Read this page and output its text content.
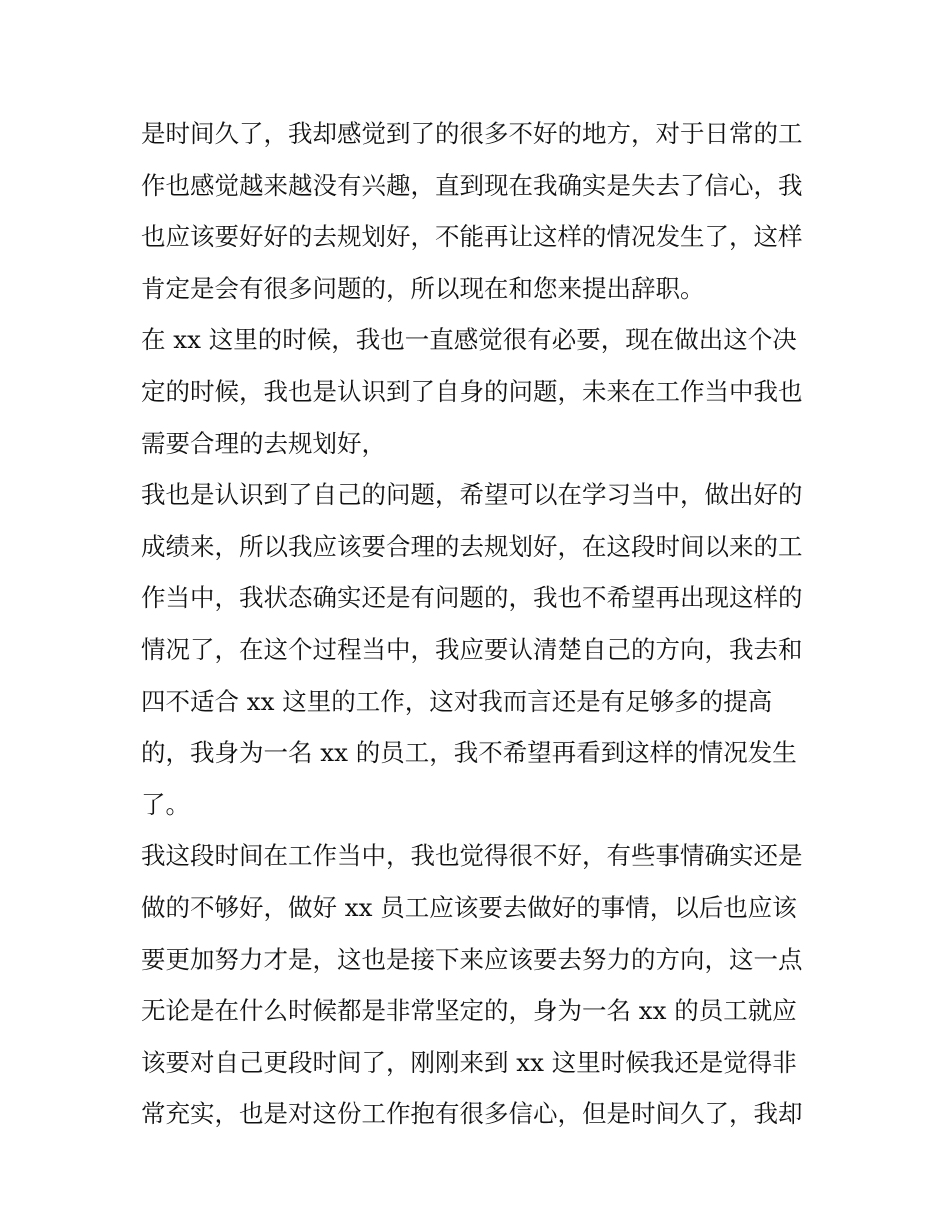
是时间久了，我却感觉到了的很多不好的地方，对于日常的工
作也感觉越来越没有兴趣，直到现在我确实是失去了信心，我
也应该要好好的去规划好，不能再让这样的情况发生了，这样
肯定是会有很多问题的，所以现在和您来提出辞职。
在 xx 这里的时候，我也一直感觉很有必要，现在做出这个决
定的时候，我也是认识到了自身的问题，未来在工作当中我也
需要合理的去规划好，
我也是认识到了自己的问题，希望可以在学习当中，做出好的
成绩来，所以我应该要合理的去规划好，在这段时间以来的工
作当中，我状态确实还是有问题的，我也不希望再出现这样的
情况了，在这个过程当中，我应要认清楚自己的方向，我去和
四不适合 xx 这里的工作，这对我而言还是有足够多的提高
的，我身为一名 xx 的员工，我不希望再看到这样的情况发生
了。
我这段时间在工作当中，我也觉得很不好，有些事情确实还是
做的不够好，做好 xx 员工应该要去做好的事情，以后也应该
要更加努力才是，这也是接下来应该要去努力的方向，这一点
无论是在什么时候都是非常坚定的，身为一名 xx 的员工就应
该要对自己更段时间了，刚刚来到 xx 这里时候我还是觉得非
常充实，也是对这份工作抱有很多信心，但是时间久了，我却
